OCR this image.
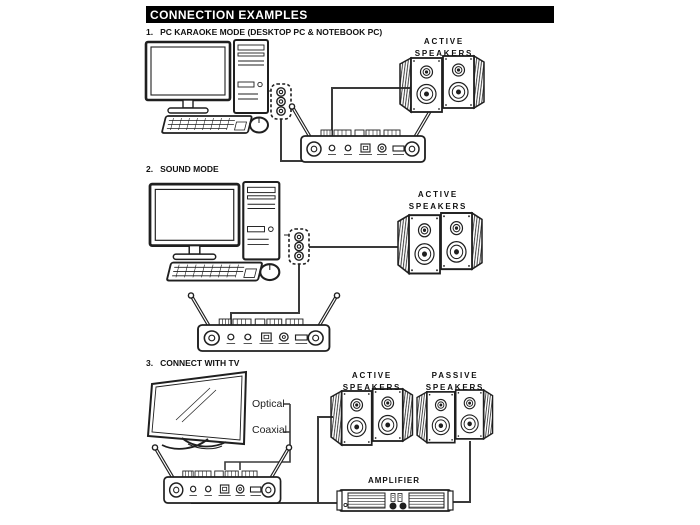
CONNECTION EXAMPLES
1. PC KARAOKE MODE (DESKTOP PC & NOTEBOOK PC)
ACTIVE SPEAKERS
2. SOUND MODE
ACTIVE SPEAKERS
3. CONNECT WITH TV
ACTIVE SPEAKERS
PASSIVE SPEAKERS
Optical
Coaxial
AMPLIFIER
